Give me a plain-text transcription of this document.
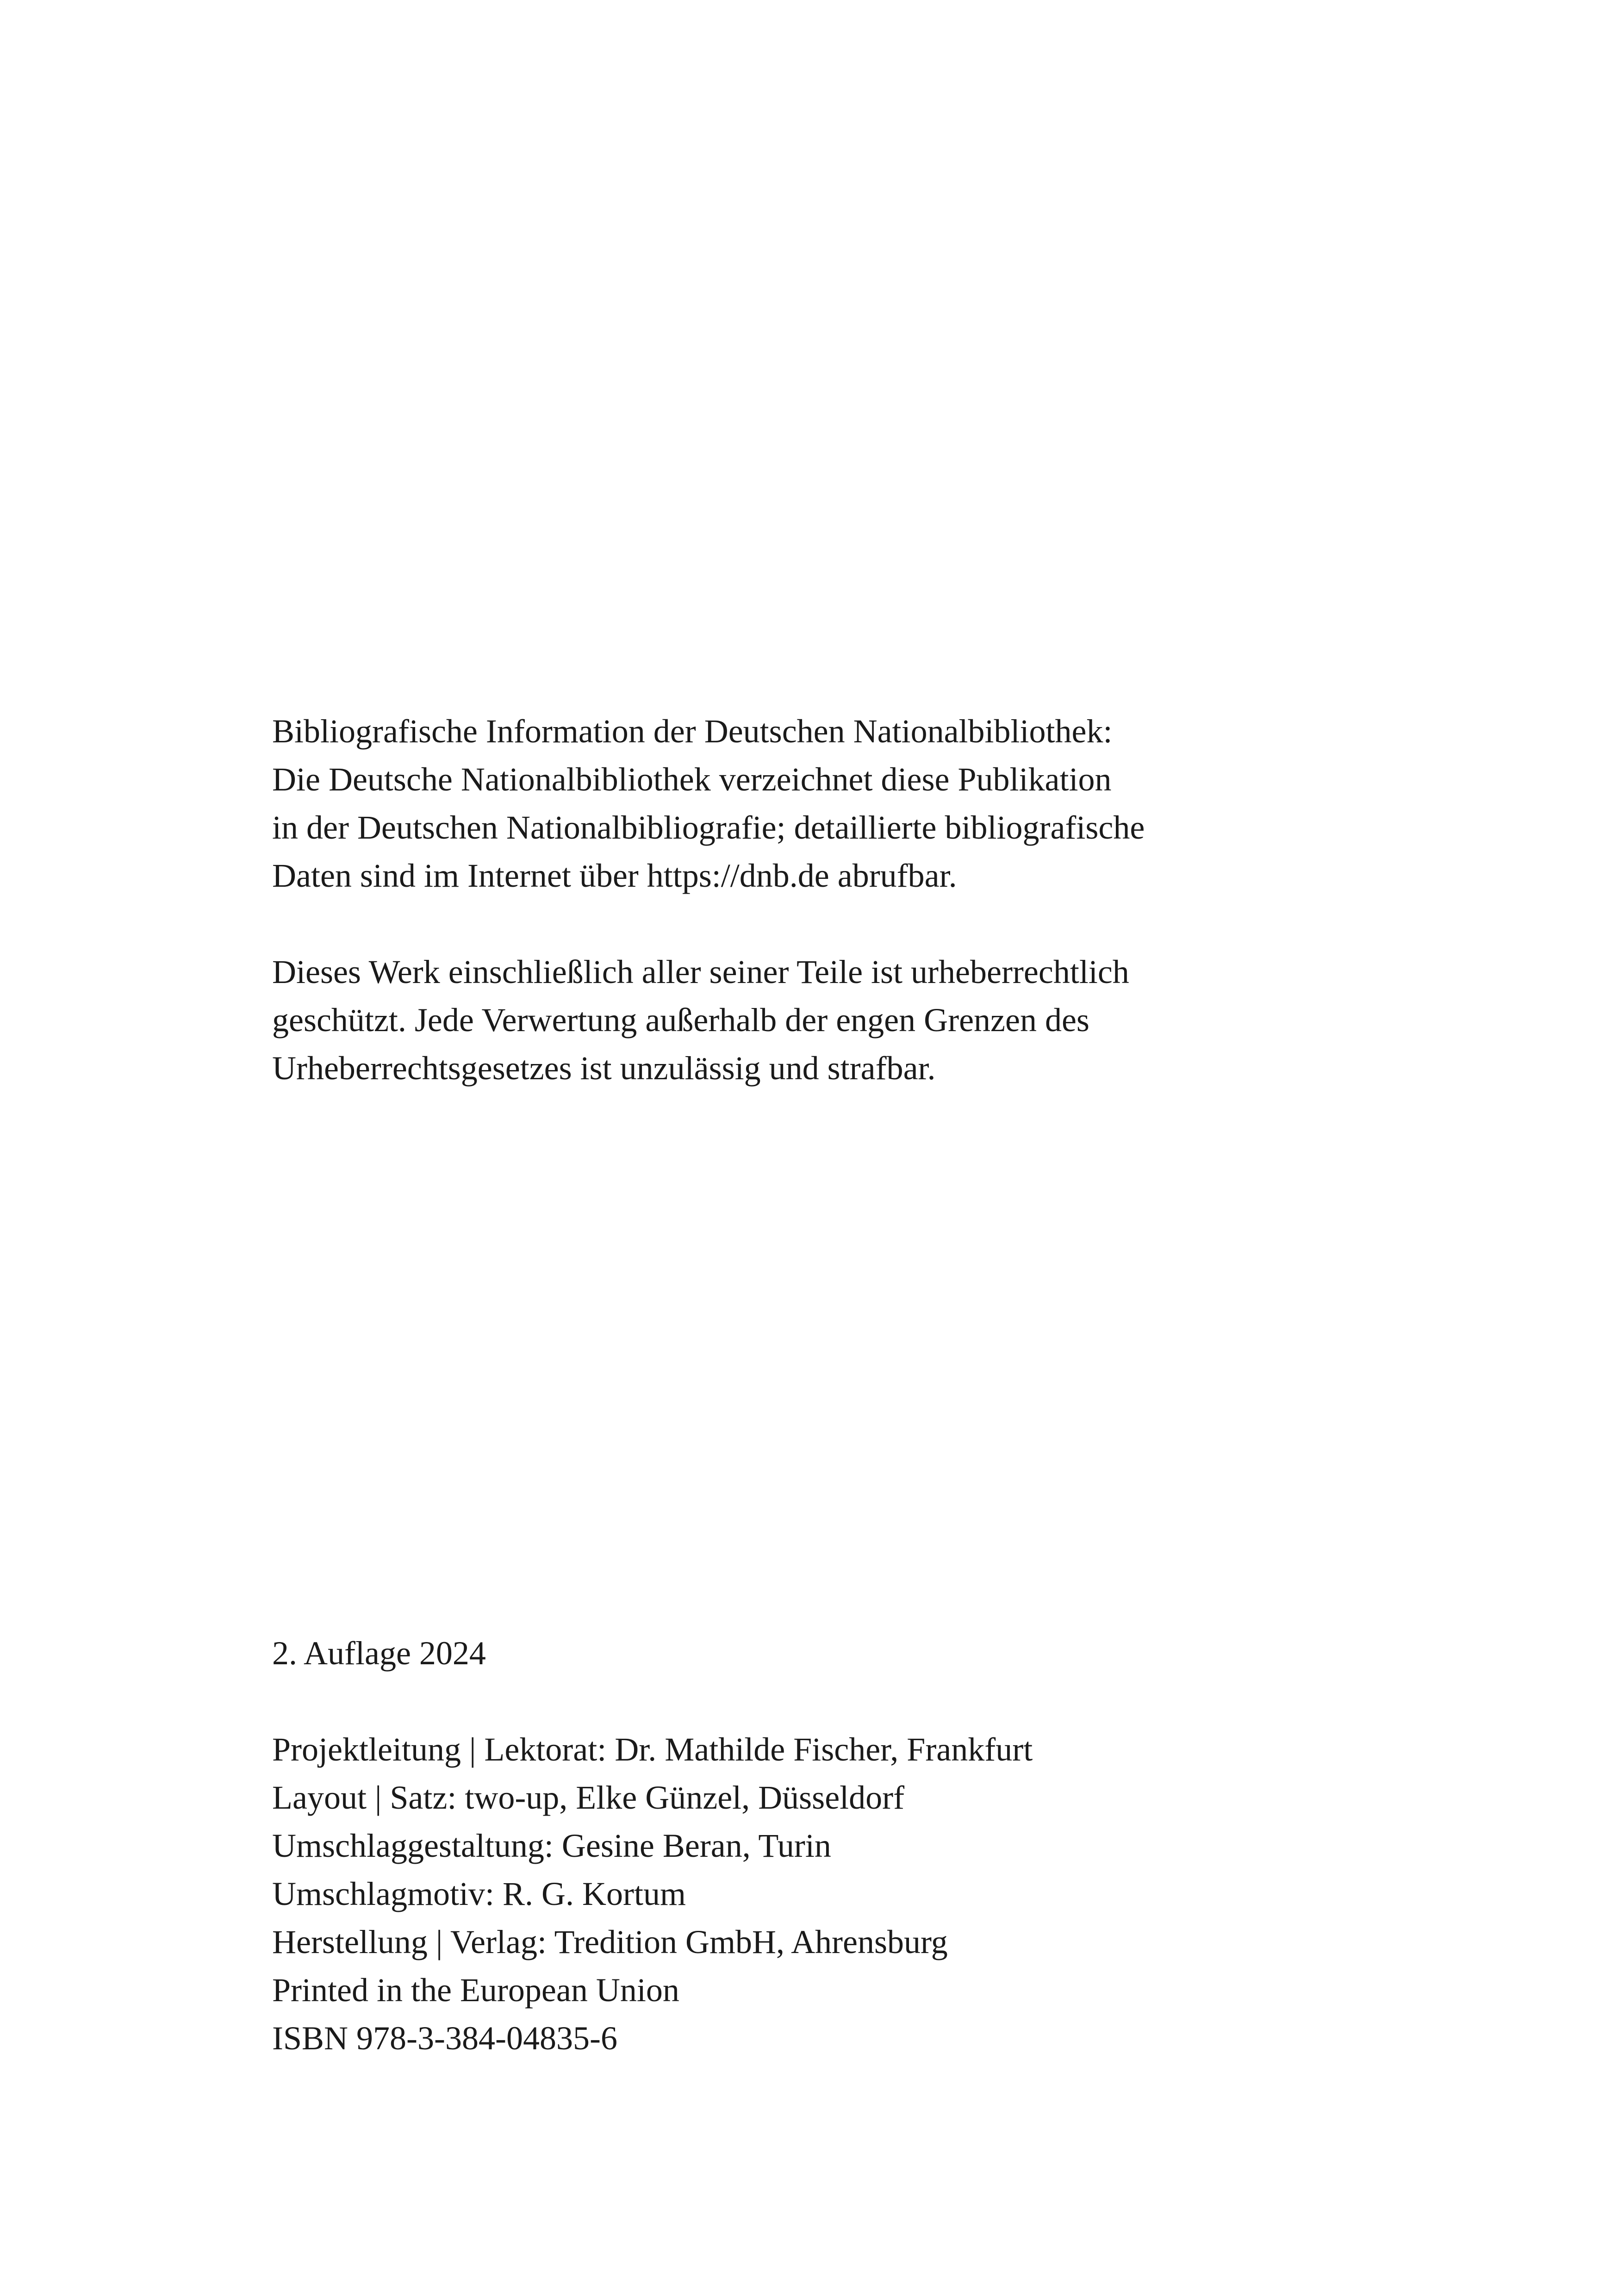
Bibliografische Information der Deutschen Nationalbibliothek:
Die Deutsche Nationalbibliothek verzeichnet diese Publikation
in der Deutschen Nationalbibliografie; detaillierte bibliografische
Daten sind im Internet über https://dnb.de abrufbar.
Dieses Werk einschließlich aller seiner Teile ist urheberrechtlich
geschützt. Jede Verwertung außerhalb der engen Grenzen des
Urheberrechtsgesetzes ist unzulässig und strafbar.
2. Auflage 2024
Projektleitung | Lektorat: Dr. Mathilde Fischer, Frankfurt
Layout | Satz: two-up, Elke Günzel, Düsseldorf
Umschlaggestaltung: Gesine Beran, Turin
Umschlagmotiv: R. G. Kortum
Herstellung | Verlag: Tredition GmbH, Ahrensburg
Printed in the European Union
ISBN 978-3-384-04835-6
